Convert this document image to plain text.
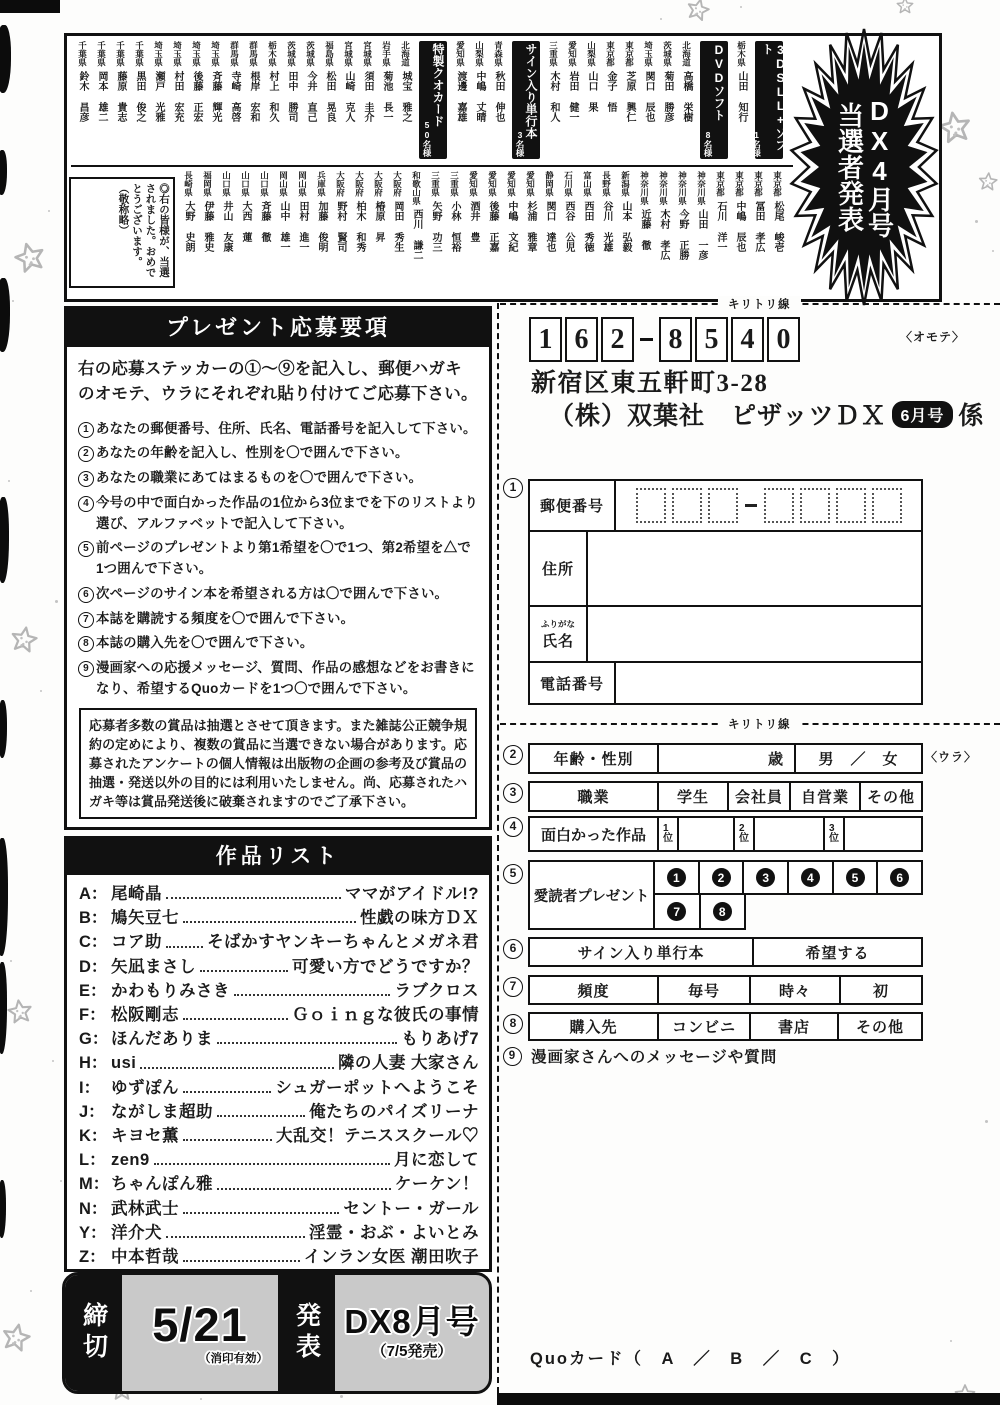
3DSLL+ソフト
1名様
栃木県
山田 知行
DVDソフト
8名様
北海道
高橋 栄樹
茨城県
菊田 勝彦
埼玉県
関口 辰也
東京都
芝原 興仁
東京都
金子 悟
山梨県
山口 果
愛知県
岩田 健一
三重県
木村 和人
サイン入り単行本
3名様
青森県
秋田 伸也
山梨県
中嶋 丈晴
愛知県
渡邊 嘉雄
特製クオカード
50名様
北海道
城宝 雅之
岩手県
菊池 長一
宮城県
須田 圭介
宮城県
山崎 克人
福島県
松田 晃良
茨城県
今井 直己
茨城県
田中 勝司
栃木県
村上 和久
群馬県
根岸 宏和
群馬県
寺崎 高啓
埼玉県
斉藤 輝光
埼玉県
後藤 正宏
埼玉県
村田 宏充
埼玉県
瀬戸 光雅
千葉県
黒田 俊之
千葉県
藤原 貴志
千葉県
岡本 雄二
千葉県
鈴木 昌彦
東京都
松尾 峻壱
東京都
冨田 孝広
東京都
中嶋 辰也
東京都
石川 洋一
神奈川県
山田 一彦
神奈川県
今野 正勝
神奈川県
木村 孝広
神奈川県
近藤 徹
新潟県
山本 弘毅
長野県
谷川 光雄
富山県
西田 秀徳
石川県
西谷 公児
静岡県
関口 達也
愛知県
杉浦 雅章
愛知県
中嶋 文紀
愛知県
後藤 正嘉
愛知県
酒井 豊
三重県
小林 恒裕
三重県
矢野 功三
和歌山県
西川 謙二
大阪府
岡田 秀生
大阪府
椿原 昇
大阪府
柏木 和秀
大阪府
野村 賢司
兵庫県
加藤 俊明
岡山県
田村 進一
岡山県
山中 雄一
山口県
斉藤 徹
山口県
大西 蓮
山口県
井山 友康
福岡県
伊藤 雅史
長崎県
大野 史朗
◎右の皆様が、当選されました。おめでとうございます。（敬称略）	DX4月号
当選者発表
プレゼント応募要項
右の応募ステッカーの①～⑨を記入し、郵便ハガキのオモテ、ウラにそれぞれ貼り付けてご応募下さい。
1 あなたの郵便番号、住所、氏名、電話番号を記入して下さい。
2 あなたの年齢を記入し、性別を〇で囲んで下さい。
3 あなたの職業にあてはまるものを〇で囲んで下さい。
4 今号の中で面白かった作品の1位から3位までを下のリストより選び、アルファベットで記入して下さい。
5 前ページのプレゼントより第1希望を〇で1つ、第2希望を△で1つ囲んで下さい。
6 次ページのサイン本を希望される方は〇で囲んで下さい。
7 本誌を購読する頻度を〇で囲んで下さい。
8 本誌の購入先を〇で囲んで下さい。
9 漫画家への応援メッセージ、質問、作品の感想などをお書きになり、希望するQuoカードを1つ〇で囲んで下さい。
応募者多数の賞品は抽選とさせて頂きます。また雑誌公正競争規約の定めにより、複数の賞品に当選できない場合があります。応募されたアンケートの個人情報は出版物の企画の参考及び賞品の抽選・発送以外の目的には利用いたしません。尚、応募されたハガキ等は賞品発送後に破棄されますのでご了承下さい。
作品リスト
A： 尾崎晶	ママがアイドル!?
B： 鳩矢豆七	性戯の味方ＤＸ
C： コア助	そばかすヤンキーちゃんとメガネ君
D： 矢凪まさし	可愛い方でどうですか？
E： かわもりみさき	ラブクロス
F： 松阪剛志	Ｇｏｉｎｇな彼氏の事情
G： ほんだありま	もりあげ7
H： usi	隣の人妻 大家さん
I： ゆずぽん	シュガーポットへようこそ
J： ながしま超助	俺たちのパイズリーナ
K： キヨセ薫	大乱交！テニススクール♡
L： zen9	月に恋して
M： ちゃんぽん雅	ケーケン！
N： 武林武士	セントー・ガール
Y： 洋介犬	淫霊・おぶ・よいとみ
Z： 中本哲哉	インラン女医 潮田吹子
締切 5/21
（消印有効） 発表 DX8月号
（7/5発売）
キリトリ線
キリトリ線
〈オモテ〉
〈ウラ〉
1 6 2	8 5 4 0
新宿区東五軒町3-28
（株）双葉社　ピザッツＤＸ 6月号 係
1
郵便番号
住所
ふりがな
氏名
電話番号
2	年齢・性別	歳	男　／　女
3	職業	学生	会社員	自営業	その他
4
面白かった作品	1位
2位
3位
5
愛読者プレゼント
1	2	3	4	5	6
7	8
6	サイン入り単行本	希望する
7	頻度	毎号	時々	初
8	購入先	コンビニ	書店	その他
9 漫画家さんへのメッセージや質問
Quoカード（　A　／　B　／　C　）
